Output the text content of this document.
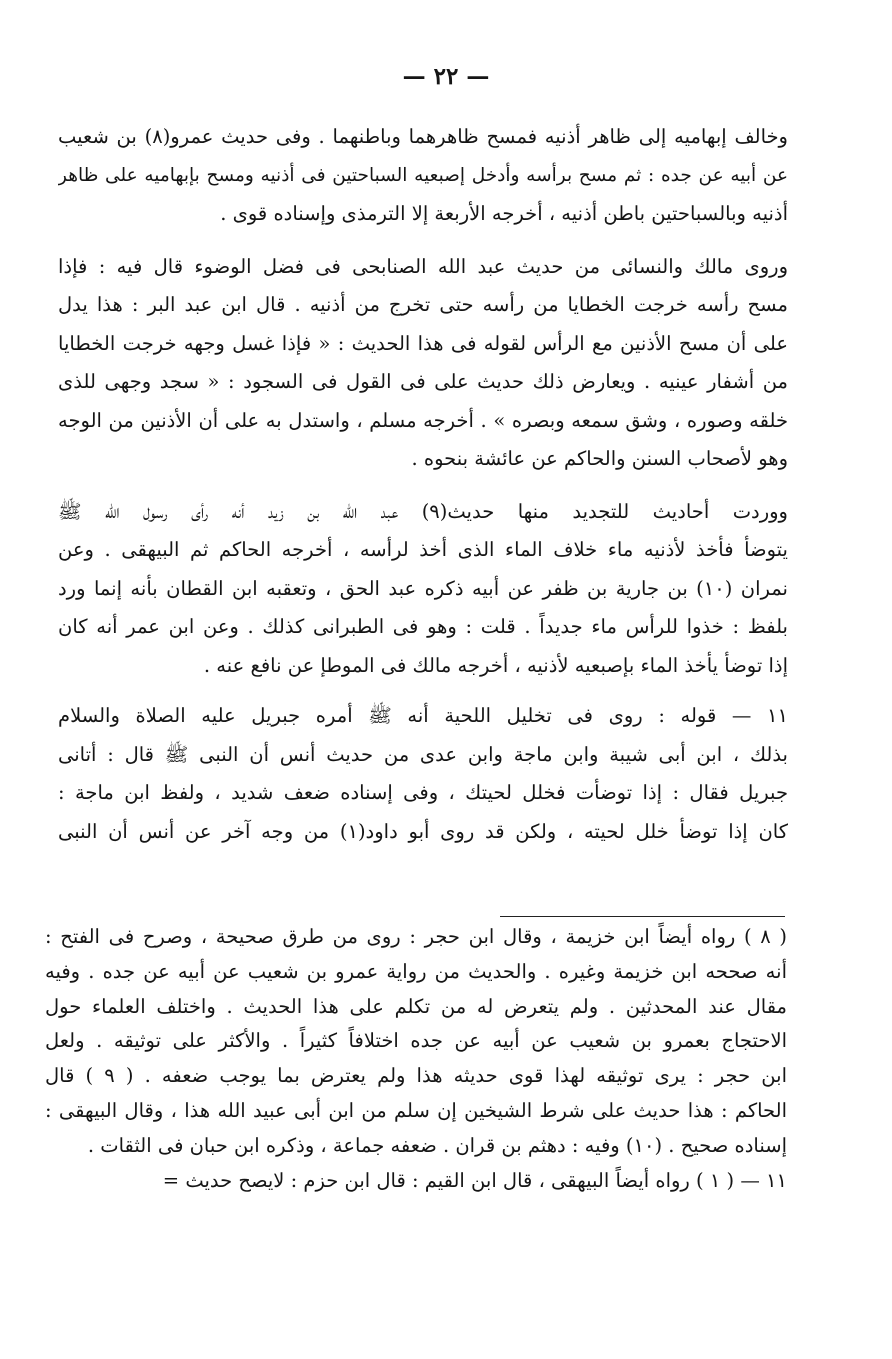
— ٢٢ —
وخالف إبهاميه إلى ظاهر أذنيه فمسح ظاهرهما وباطنهما . وفى حديث عمرو(٨) بن شعيب
عن أبيه عن جده : ثم مسح برأسه وأدخل إصبعيه السباحتين فى أذنيه ومسح بإبهاميه على ظاهر
أذنيه وبالسباحتين باطن أذنيه ، أخرجه الأربعة إلا الترمذى وإسناده قوى .
وروى مالك والنسائى من حديث عبد الله الصنابحى فى فضل الوضوء قال فيه : فإذا
مسح رأسه خرجت الخطايا من رأسه حتى تخرج من أذنيه . قال ابن عبد البر : هذا يدل
على أن مسح الأذنين مع الرأس لقوله فى هذا الحديث : « فإذا غسل وجهه خرجت الخطايا
من أشفار عينيه . ويعارض ذلك حديث على فى القول فى السجود : « سجد وجهى للذى
خلقه وصوره ، وشق سمعه وبصره » . أخرجه مسلم ، واستدل به على أن الأذنين من الوجه
وهو لأصحاب السنن والحاكم عن عائشة بنحوه .
ووردت أحاديث للتجديد منها حديث(٩) عبد الله بن زيد أنه رأى رسول الله ﷺ
يتوضأ فأخذ لأذنيه ماء خلاف الماء الذى أخذ لرأسه ، أخرجه الحاكم ثم البيهقى . وعن
نمران (١٠) بن جارية بن ظفر عن أبيه ذكره عبد الحق ، وتعقبه ابن القطان بأنه إنما ورد
بلفظ : خذوا للرأس ماء جديداً . قلت : وهو فى الطبرانى كذلك . وعن ابن عمر أنه كان
إذا توضأ يأخذ الماء بإصبعيه لأذنيه ، أخرجه مالك فى الموطإ عن نافع عنه .
١١ — قوله : روى فى تخليل اللحية أنه ﷺ أمره جبريل عليه الصلاة والسلام
بذلك ، ابن أبى شيبة وابن ماجة وابن عدى من حديث أنس أن النبى ﷺ قال : أتانى
جبريل فقال : إذا توضأت فخلل لحيتك ، وفى إسناده ضعف شديد ، ولفظ ابن ماجة :
كان إذا توضأ خلل لحيته ، ولكن قد روى أبو داود(١) من وجه آخر عن أنس أن النبى
( ٨ ) رواه أيضاً ابن خزيمة ، وقال ابن حجر : روى من طرق صحيحة ، وصرح فى الفتح :
أنه صححه ابن خزيمة وغيره . والحديث من رواية عمرو بن شعيب عن أبيه عن جده . وفيه
مقال عند المحدثين . ولم يتعرض له من تكلم على هذا الحديث . واختلف العلماء حول
الاحتجاج بعمرو بن شعيب عن أبيه عن جده اختلافاً كثيراً . والأكثر على توثيقه . ولعل
ابن حجر : يرى توثيقه لهذا قوى حديثه هذا ولم يعترض بما يوجب ضعفه . ( ٩ ) قال
الحاكم : هذا حديث على شرط الشيخين إن سلم من ابن أبى عبيد الله هذا ، وقال البيهقى :
إسناده صحيح . (١٠) وفيه : دهثم بن قران . ضعفه جماعة ، وذكره ابن حبان فى الثقات .
١١ — ( ١ ) رواه أيضاً البيهقى ، قال ابن القيم : قال ابن حزم : لايصح حديث =
